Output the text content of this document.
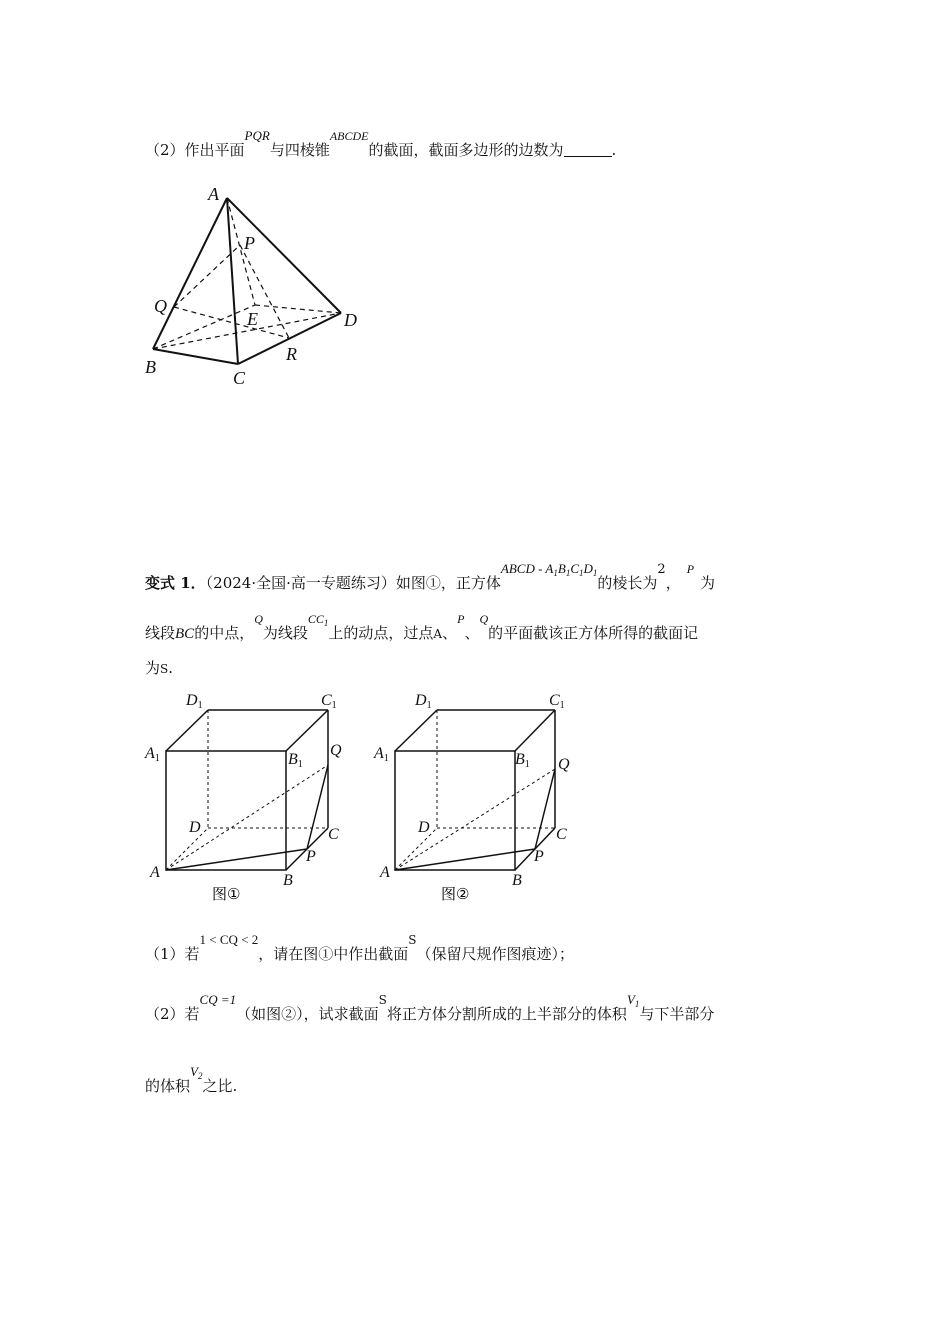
（2）作出平面PQR与四棱锥$^{ABCDE}$的截面，截面多边形的边数为	.
A
P
Q
E	D
B
C
R
变式 1．（2024·全国·高一专题练习）如图①，正方体ABCD - $A_1B_1C_1D_1$的棱长为2，$^P$为
线段BC的中点，$^Q$为线段$^{CC_1}$上的动点，过点A、$^P$、$^Q$的平面截该正方体所得的截面记
为S.
D1	C1
A1	B1
Q
D	C
P
A	B
图①
D1	C1
A1	B1 Q
D	C
P
A	B
图②
（1）若1 < CQ < 2，请在图①中作出截面$^S$（保留尺规作图痕迹）；
（2）若CQ =1（如图②），试求截面$^S$将正方体分割所成的上半部分的体积$V_1$与下半部分
的体积$V_2$之比.
